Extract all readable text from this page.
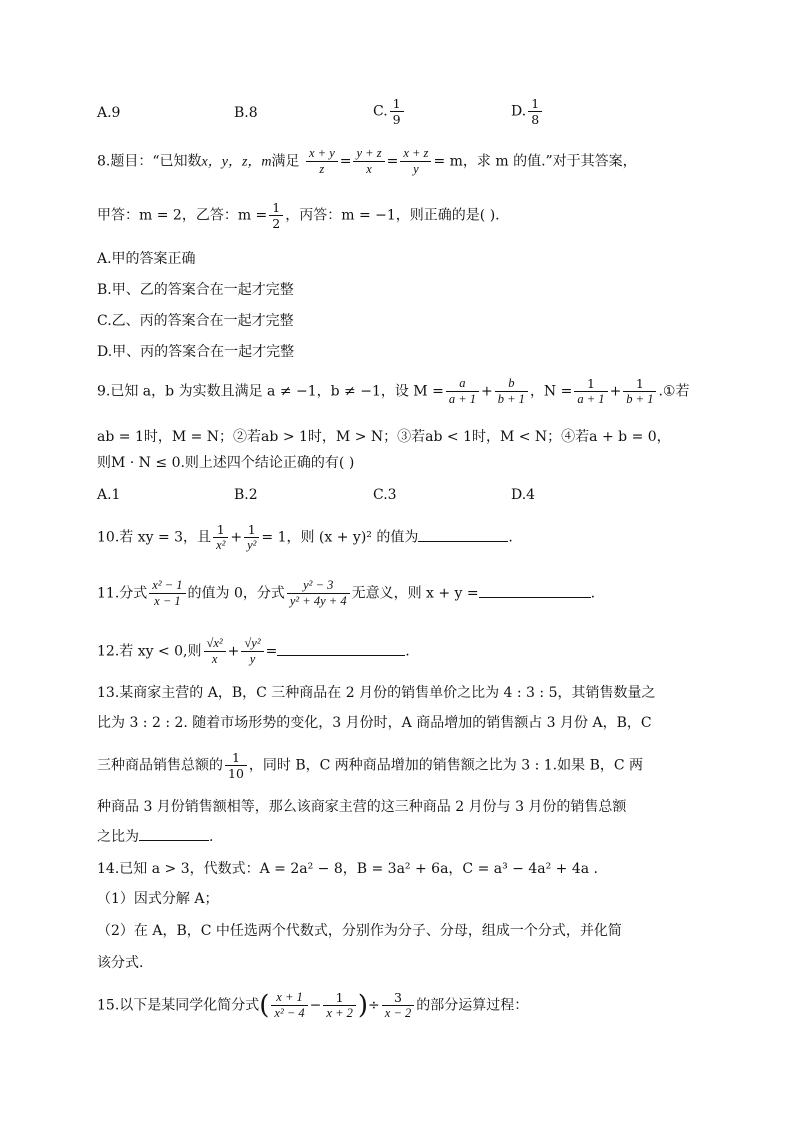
A.9	B.8	C. $\frac{1}{9}$	D. $\frac{1}{8}$
8.题目：“已知数x，y，z，m满足 $\frac{x + y}{z} = \frac{y + z}{x} = \frac{x + z}{y} = m$，求 m 的值.”对于其答案，
甲答：m = 2，乙答：$m = \frac{1}{2}$ ，丙答：m = −1，则正确的是( ).
A.甲的答案正确
B.甲、乙的答案合在一起才完整
C.乙、丙的答案合在一起才完整
D.甲、丙的答案合在一起才完整
9.已知 a，b 为实数且满足 a ≠ −1，b ≠ −1，设 $M = \frac{a}{a + 1} + \frac{b}{b + 1}$ ，$N = \frac{1}{a + 1} + \frac{1}{b + 1}$ .①若
ab = 1时，M = N；②若ab > 1时，M > N；③若ab < 1时，M < N；④若a + b = 0，
则M · N ≤ 0.则上述四个结论正确的有( )
A.1	B.2	C.3	D.4
10.若 xy = 3，且 $\frac{1}{\text{x²}} + \frac{1}{\text{y²}} = 1$，则 (x + y)² 的值为	.
11.分式 $\frac{\text{x² − 1}}{x - 1}$ 的值为 0，分式 $\frac{\text{y² − 3}}{\text{y² + 4y + 4}}$ 无意义，则 x + y =	.
12.若 xy < 0,则 $\frac{\text{√x²}}{x} + \frac{\text{√y²}}{y}$ =	.
13.某商家主营的 A，B，C 三种商品在 2 月份的销售单价之比为 4 : 3 : 5，其销售数量之
比为 3 : 2 : 2. 随着市场形势的变化，3 月份时，A 商品增加的销售额占 3 月份 A，B，C
三种商品销售总额的 $\frac{1}{10}$ ，同时 B，C 两种商品增加的销售额之比为 3 : 1.如果 B，C 两
种商品 3 月份销售额相等，那么该商家主营的这三种商品 2 月份与 3 月份的销售总额
之比为	.
14.已知 a > 3，代数式：A = 2a² − 8，B = 3a² + 6a，C = a³ − 4a² + 4a .
（1）因式分解 A；
（2）在 A，B，C 中任选两个代数式，分别作为分子、分母，组成一个分式，并化简
该分式.
15.以下是某同学化简分式( $\frac{x + 1}{\text{x² − 4}} - \frac{1}{x + 2}$ )÷ $\frac{3}{x - 2}$ 的部分运算过程：
